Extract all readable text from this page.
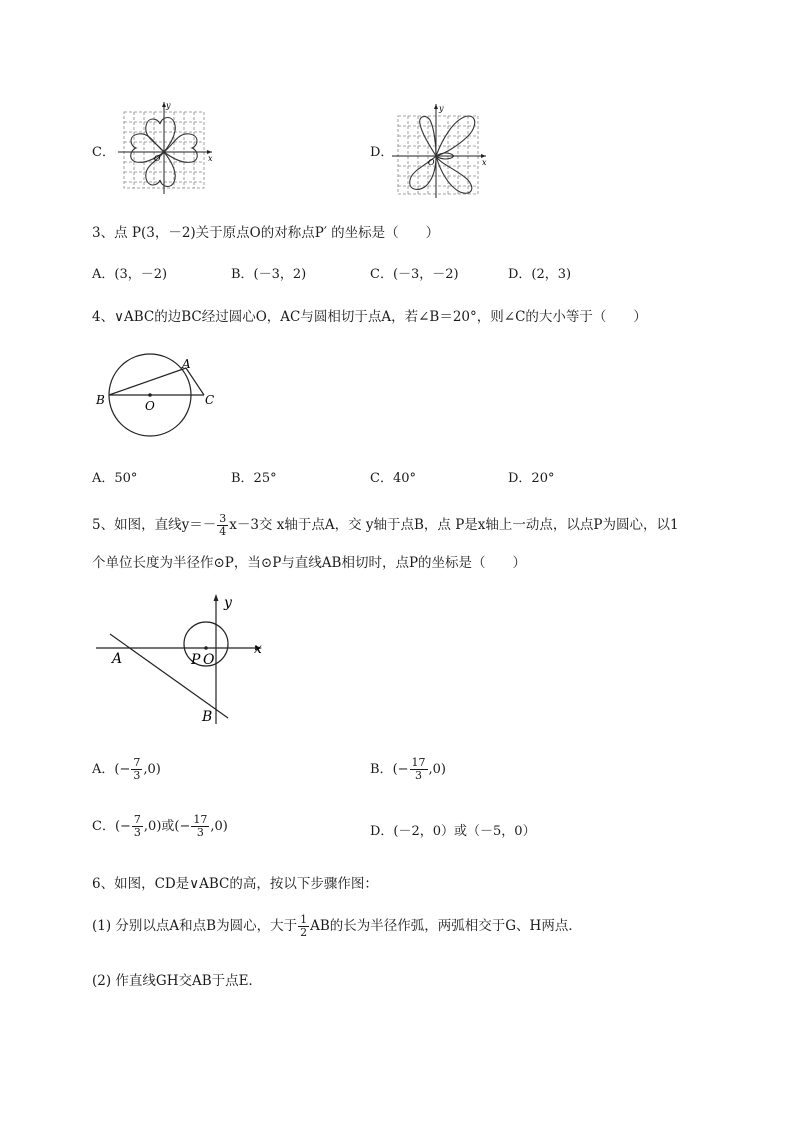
C．
y
x
O	D．
y
x
O
3、点 P(3，－2)关于原点O的对称点P′ 的坐标是（　　）
A．(3，－2)	B．(－3，2)	C．(－3，－2)	D．(2，3)
4、∨ABC的边BC经过圆心O，AC与圆相切于点A，若∠B＝20°，则∠C的大小等于（　　）
A
B	O	C
A．50°	B．25°	C．40°	D．20°
5、如图，直线$y=- \frac{3}{4} x-3$交 x轴于点A，交 y轴于点B，点 P是x轴上一动点，以点P为圆心，以1
个单位长度为半径作⊙P，当⊙P与直线AB相切时，点P的坐标是（　　）
y
x
A	P O
B
A．(− $\frac{7}{3} ,0$)	B．(− $\frac{17}{3} ,0$)
C．(− $\frac{7}{3} ,0$)或(− $\frac{17}{3} ,0$)	D．(－2，0）或（－5，0）
6、如图，CD是∨ABC的高，按以下步骤作图：
(1) 分别以点A和点B为圆心，大于 $\frac{1}{2}$ AB的长为半径作弧，两弧相交于G、H两点．
(2) 作直线GH交AB于点E．
